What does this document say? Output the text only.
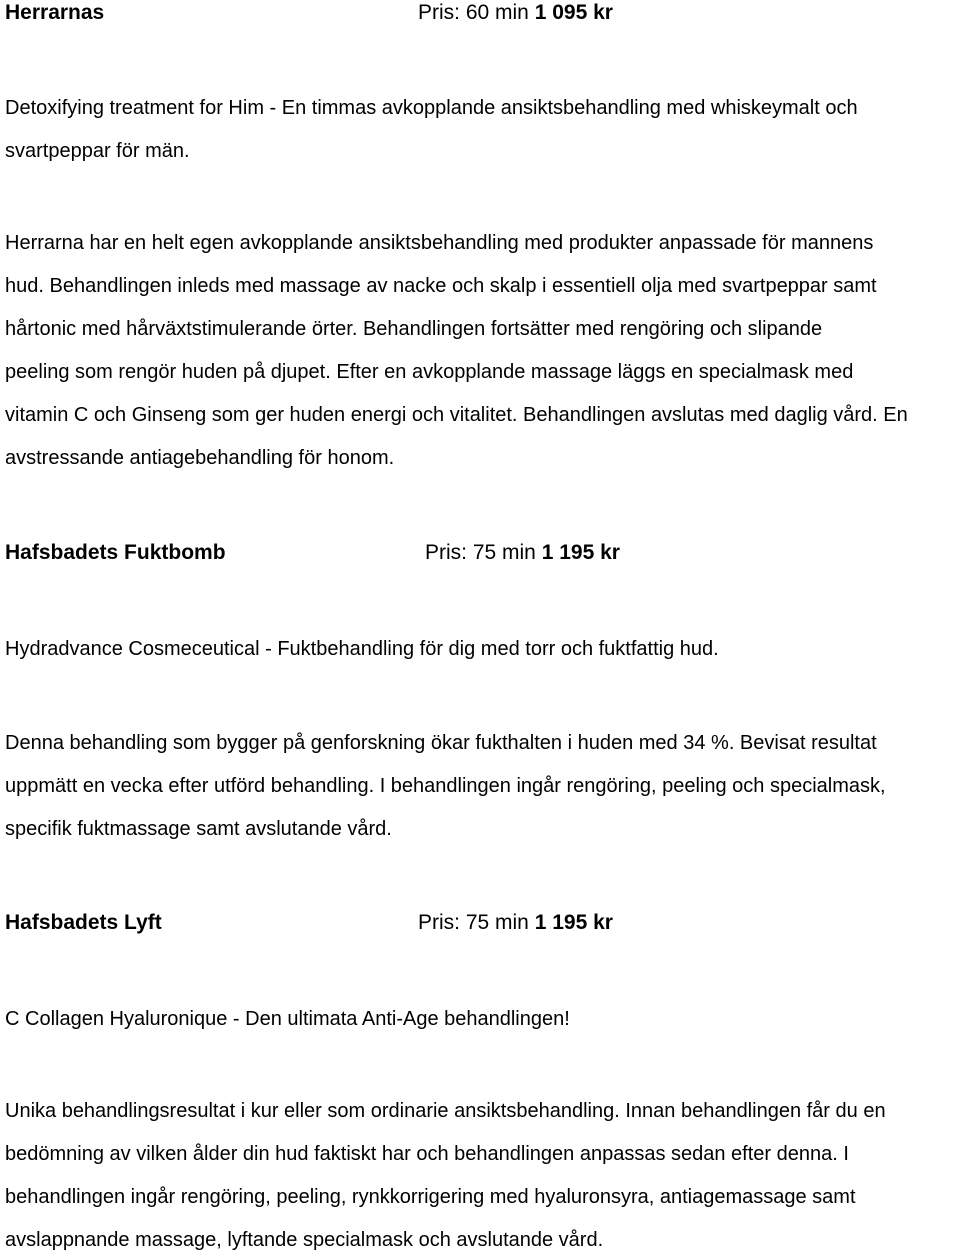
Herrarnas	Pris: 60 min 1 095 kr
Detoxifying treatment for Him - En timmas avkopplande ansiktsbehandling med whiskeymalt och
svartpeppar för män.
Herrarna har en helt egen avkopplande ansiktsbehandling med produkter anpassade för mannens
hud. Behandlingen inleds med massage av nacke och skalp i essentiell olja med svartpeppar samt
hårtonic med hårväxtstimulerande örter. Behandlingen fortsätter med rengöring och slipande
peeling som rengör huden på djupet. Efter en avkopplande massage läggs en specialmask med
vitamin C och Ginseng som ger huden energi och vitalitet. Behandlingen avslutas med daglig vård. En
avstressande antiagebehandling för honom.
Hafsbadets Fuktbomb	Pris: 75 min 1 195 kr
Hydradvance Cosmeceutical - Fuktbehandling för dig med torr och fuktfattig hud.
Denna behandling som bygger på genforskning ökar fukthalten i huden med 34 %. Bevisat resultat
uppmätt en vecka efter utförd behandling. I behandlingen ingår rengöring, peeling och specialmask,
specifik fuktmassage samt avslutande vård.
Hafsbadets Lyft	Pris: 75 min 1 195 kr
C Collagen Hyaluronique - Den ultimata Anti-Age behandlingen!
Unika behandlingsresultat i kur eller som ordinarie ansiktsbehandling. Innan behandlingen får du en
bedömning av vilken ålder din hud faktiskt har och behandlingen anpassas sedan efter denna. I
behandlingen ingår rengöring, peeling, rynkkorrigering med hyaluronsyra, antiagemassage samt
avslappnande massage, lyftande specialmask och avslutande vård.
